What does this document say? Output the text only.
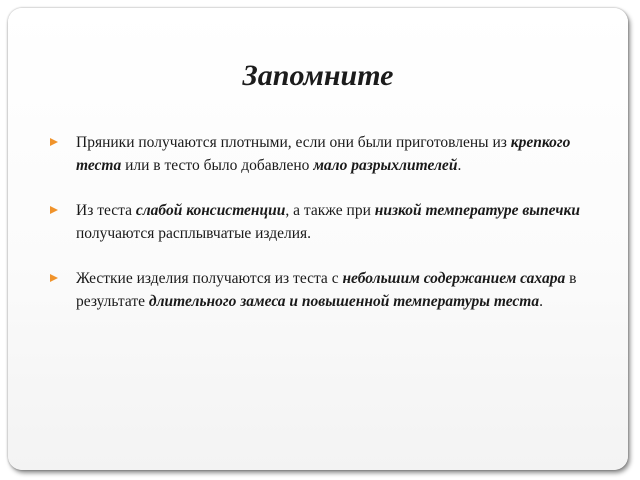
Запомните
Пряники получаются плотными, если они были приготовлены из крепкого теста или в тесто было добавлено мало разрыхлителей.
Из теста слабой консистенции, а также при низкой температуре выпечки получаются расплывчатые изделия.
Жесткие изделия получаются из теста с небольшим содержанием сахара в результате длительного замеса и повышенной температуры теста.
